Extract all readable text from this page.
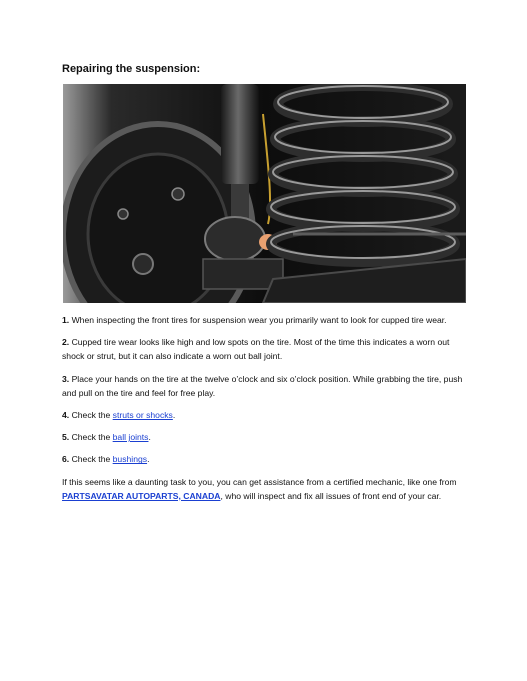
Repairing the suspension:

1. When inspecting the front tires for suspension wear you primarily want to look for cupped tire wear.

2. Cupped tire wear looks like high and low spots on the tire. Most of the time this indicates a worn out shock or strut, but it can also indicate a worn out ball joint.

3. Place your hands on the tire at the twelve o’clock and six o’clock position. While grabbing the tire, push and pull on the tire and feel for free play.

4. Check the struts or shocks.

5. Check the ball joints.

6. Check the bushings.

If this seems like a daunting task to you, you can get assistance from a certified mechanic, like one from PARTSAVATAR AUTOPARTS, CANADA, who will inspect and fix all issues of front end of your car.
